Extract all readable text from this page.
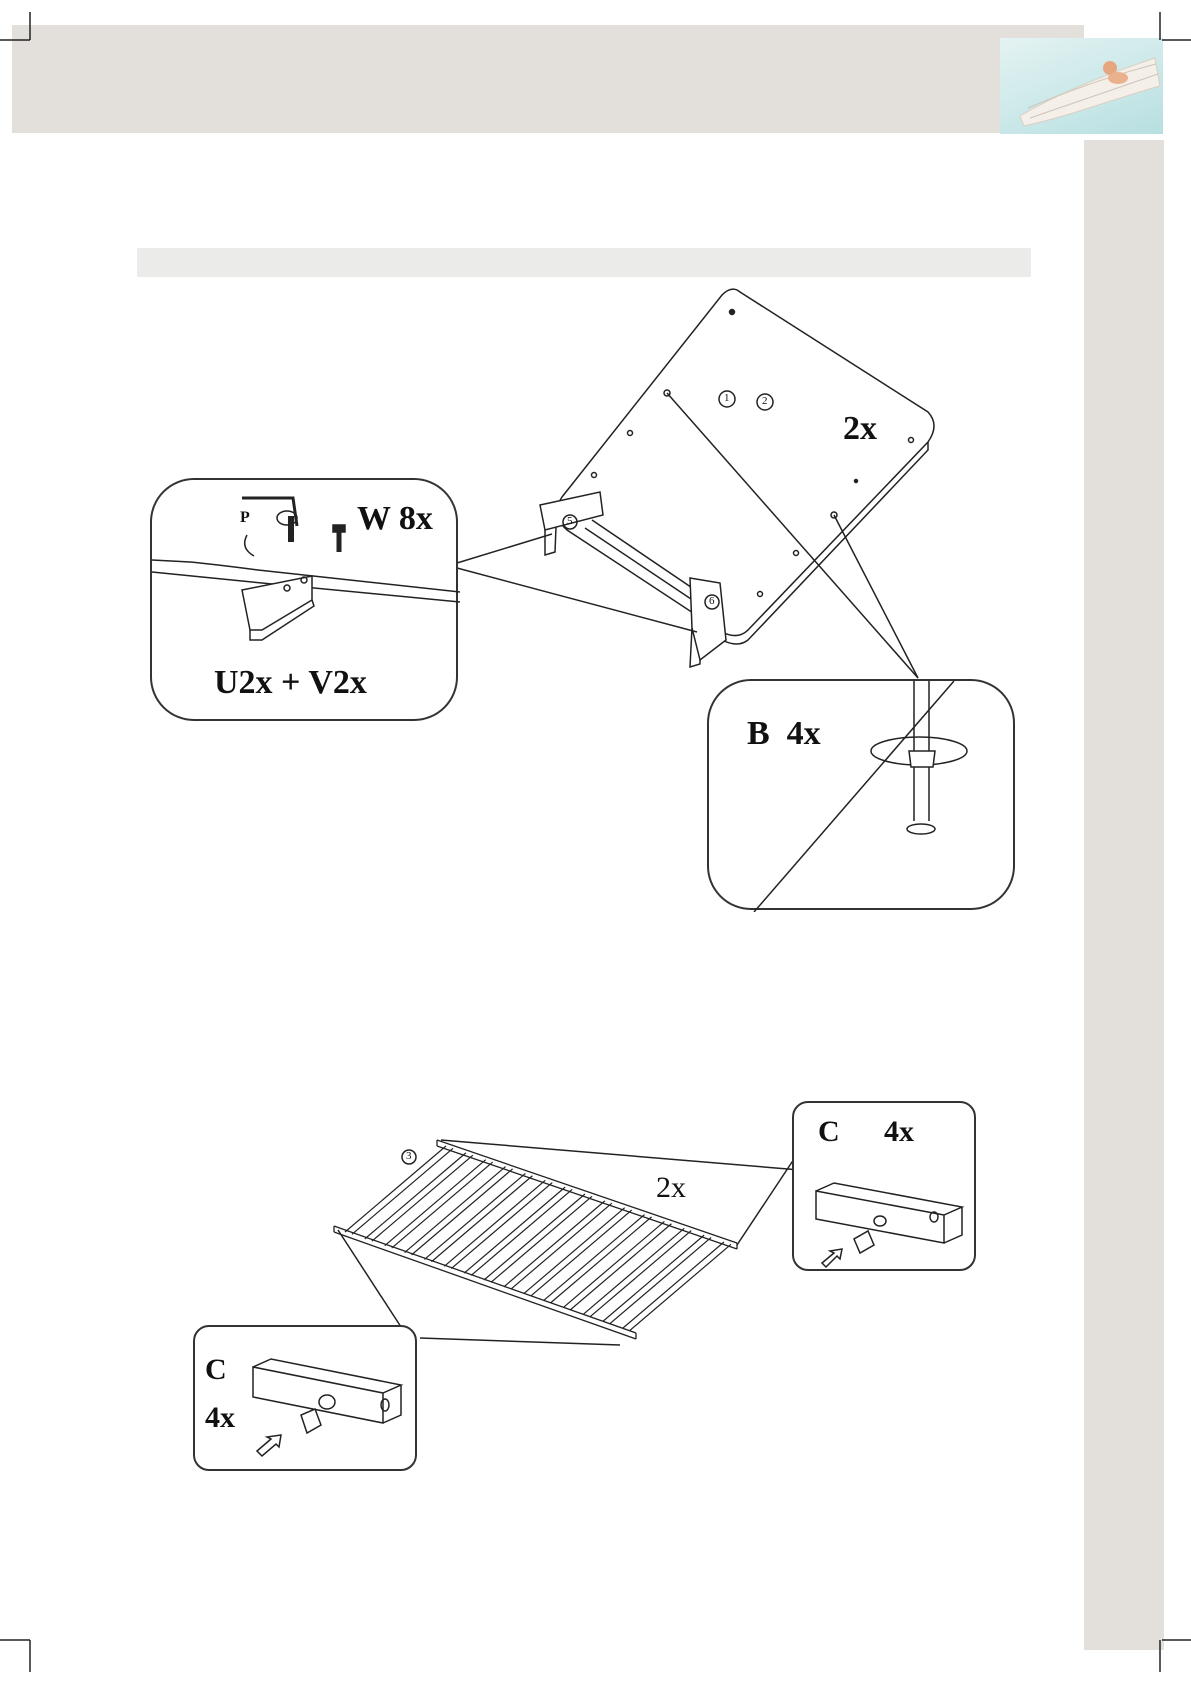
2x
1	2
5
6
P	W 8x
U2x + V2x
B  4x
2x
3
C 4x
C
4x
